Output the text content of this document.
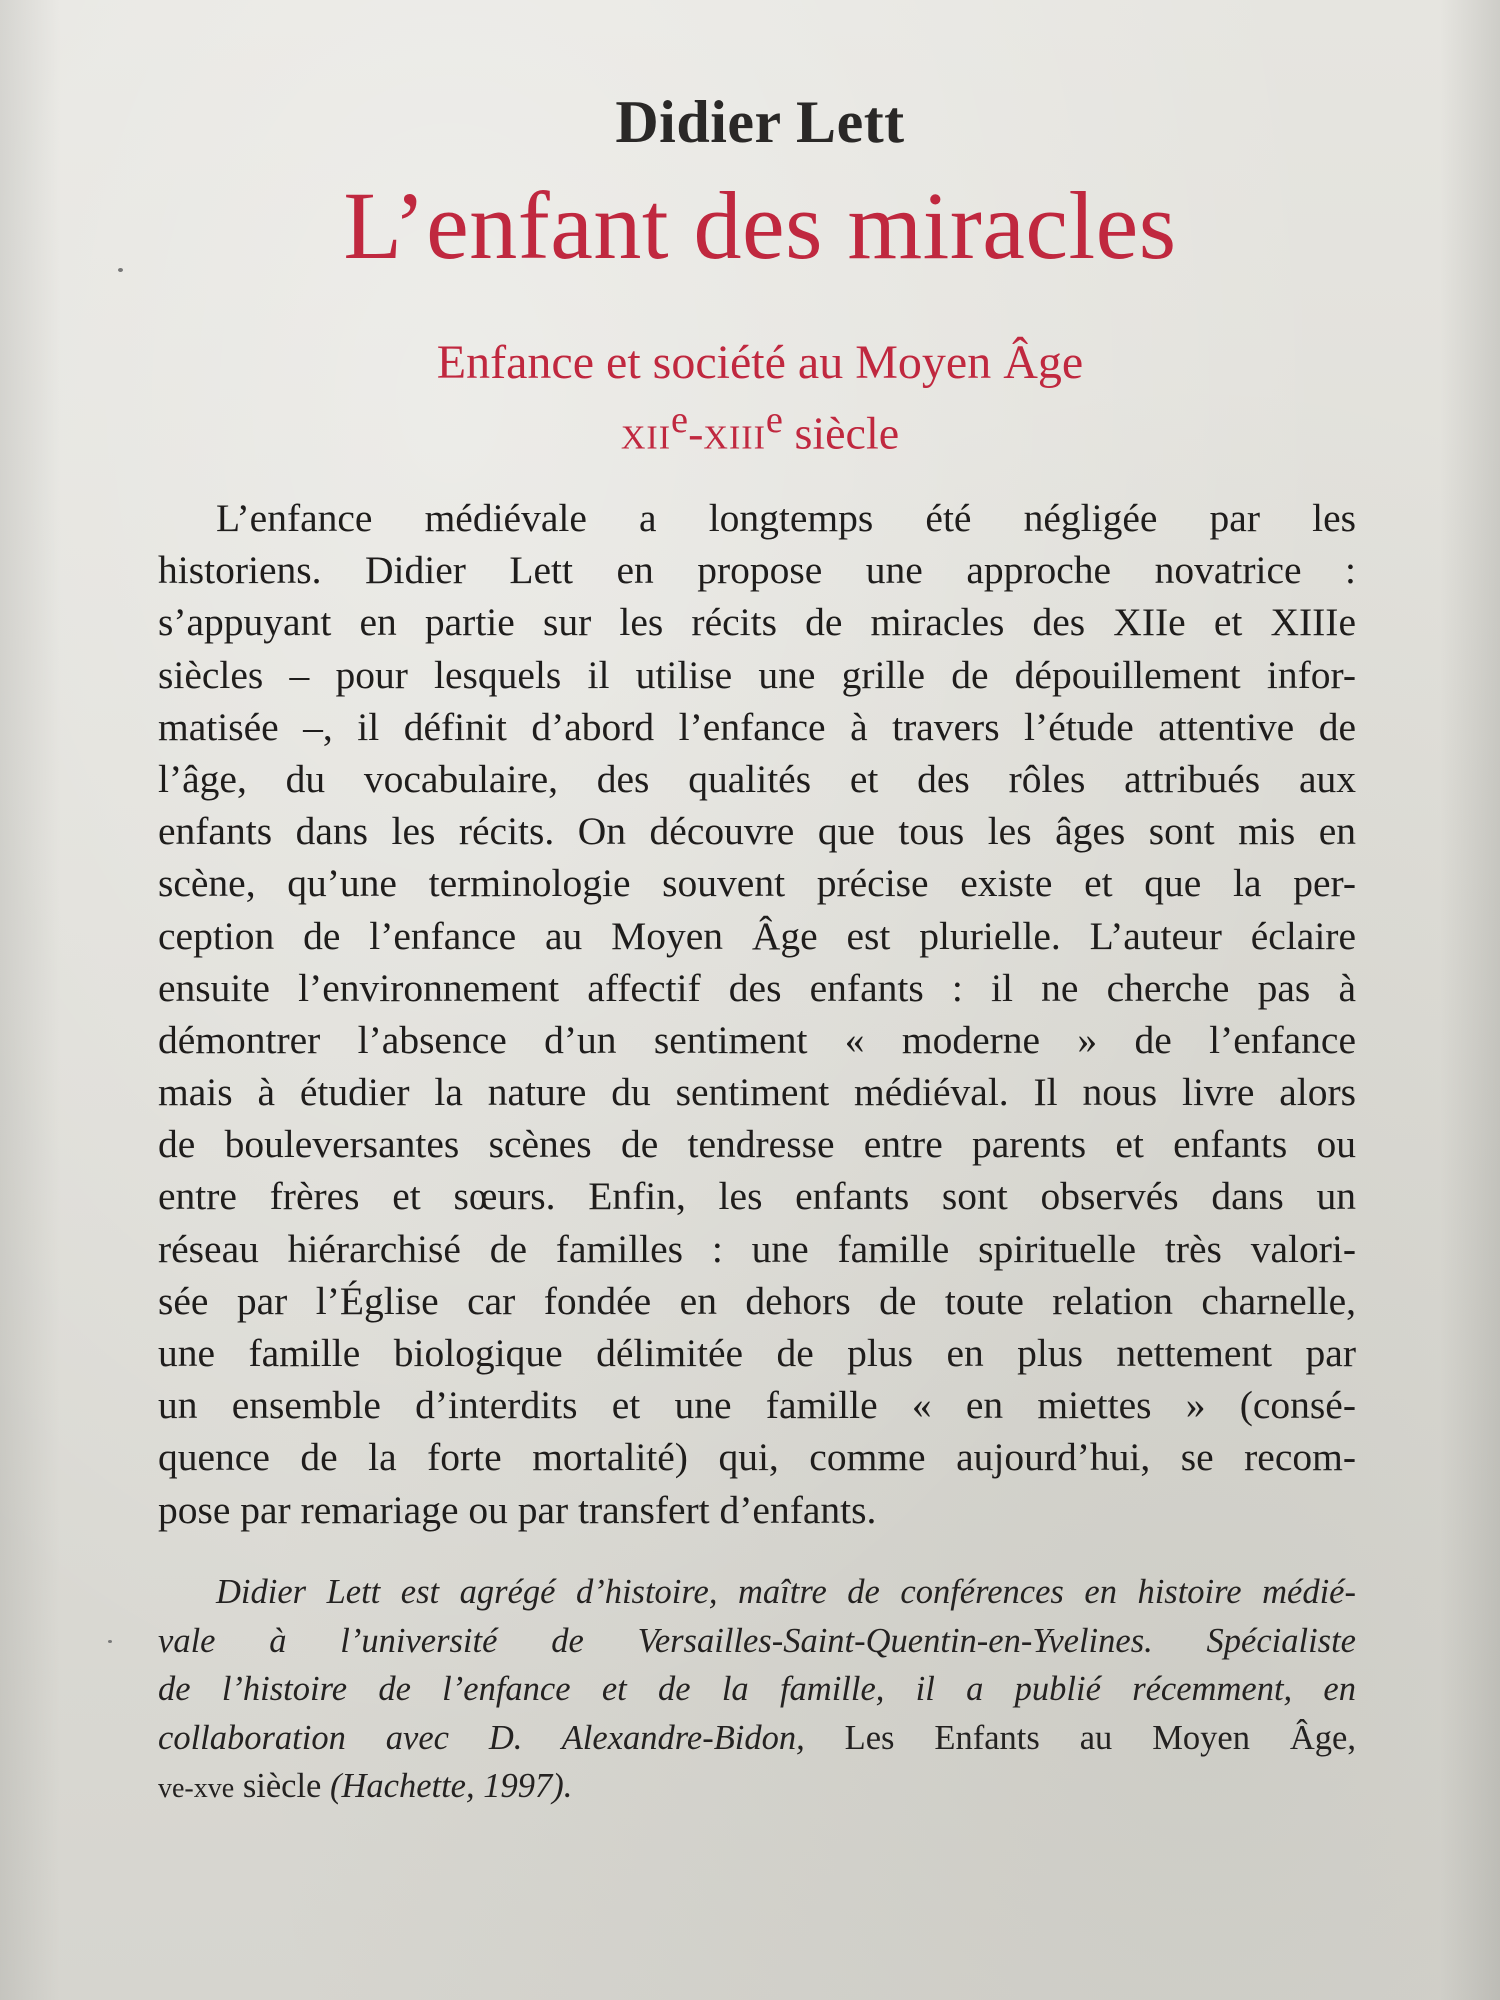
Didier Lett
L’enfant des miracles

Enfance et société au Moyen Âge

XIIe-XIIIe siècle

L’enfance médiévale a longtemps été négligée par les
historiens. Didier Lett en propose une approche novatrice :
s’appuyant en partie sur les récits de miracles des XIIe et XIIIe
siècles – pour lesquels il utilise une grille de dépouillement infor-
matisée –, il définit d’abord l’enfance à travers l’étude attentive de
l’âge, du vocabulaire, des qualités et des rôles attribués aux
enfants dans les récits. On découvre que tous les âges sont mis en
scène, qu’une terminologie souvent précise existe et que la per-
ception de l’enfance au Moyen Âge est plurielle. L’auteur éclaire
ensuite l’environnement affectif des enfants : il ne cherche pas à
démontrer l’absence d’un sentiment « moderne » de l’enfance
mais à étudier la nature du sentiment médiéval. Il nous livre alors
de bouleversantes scènes de tendresse entre parents et enfants ou
entre frères et sœurs. Enfin, les enfants sont observés dans un
réseau hiérarchisé de familles : une famille spirituelle très valori-
sée par l’Église car fondée en dehors de toute relation charnelle,
une famille biologique délimitée de plus en plus nettement par
un ensemble d’interdits et une famille « en miettes » (consé-
quence de la forte mortalité) qui, comme aujourd’hui, se recom-
pose par remariage ou par transfert d’enfants.
Didier Lett est agrégé d’histoire, maître de conférences en histoire médié-
vale à l’université de Versailles-Saint-Quentin-en-Yvelines. Spécialiste
de l’histoire de l’enfance et de la famille, il a publié récemment, en
collaboration avec D. Alexandre-Bidon, Les Enfants au Moyen Âge,
ve-xve siècle (Hachette, 1997).
